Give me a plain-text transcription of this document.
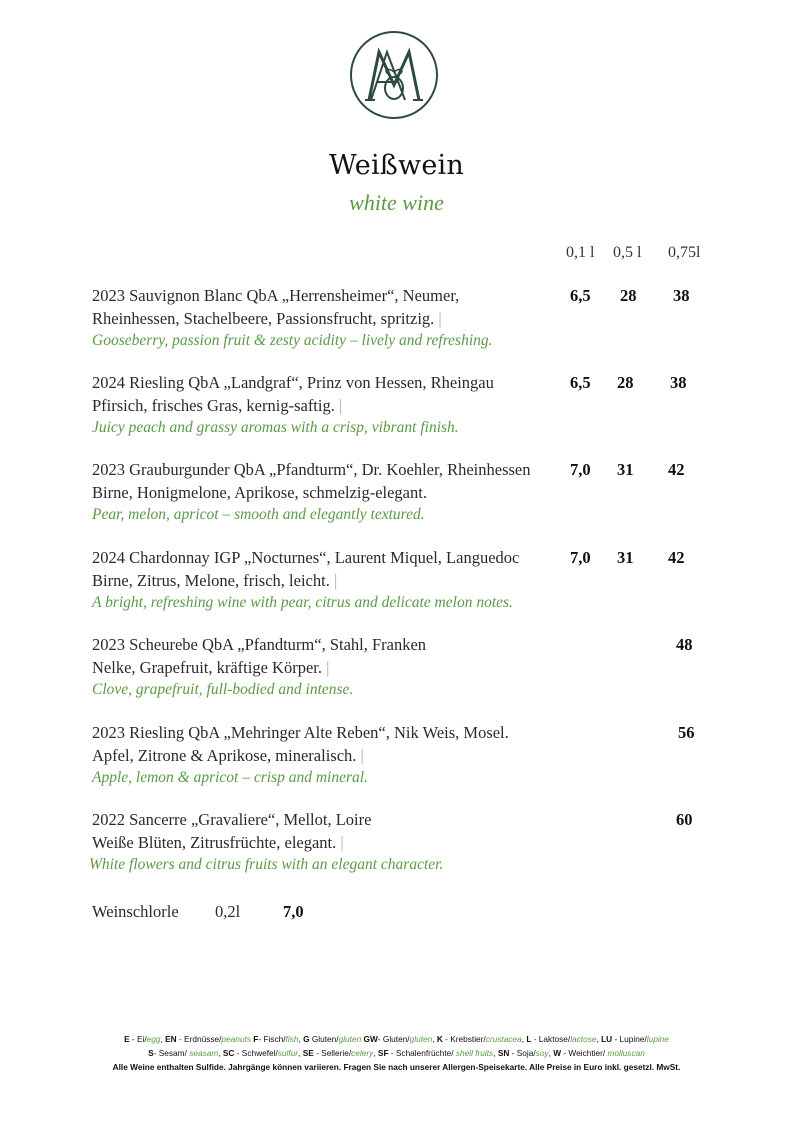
Weißwein
white wine
0,1 l 0,5 l 0,75l
2023 Sauvignon Blanc QbA „Herrensheimer“, Neumer,
Rheinhessen, Stachelbeere, Passionsfrucht, spritzig. |
Gooseberry, passion fruit & zesty acidity – lively and refreshing.
6,5 28 38
2024 Riesling QbA „Landgraf“, Prinz von Hessen, Rheingau
Pfirsich, frisches Gras, kernig-saftig. |
Juicy peach and grassy aromas with a crisp, vibrant finish.
6,5 28 38
2023 Grauburgunder QbA „Pfandturm“, Dr. Koehler, Rheinhessen
Birne, Honigmelone, Aprikose, schmelzig-elegant.
Pear, melon, apricot – smooth and elegantly textured.
7,0 31 42
2024 Chardonnay IGP „Nocturnes“, Laurent Miquel, Languedoc
Birne, Zitrus, Melone, frisch, leicht. |
A bright, refreshing wine with pear, citrus and delicate melon notes.
7,0 31 42
2023 Scheurebe QbA „Pfandturm“, Stahl, Franken
Nelke, Grapefruit, kräftige Körper. |
Clove, grapefruit, full-bodied and intense.
48
2023 Riesling QbA „Mehringer Alte Reben“, Nik Weis, Mosel.
Apfel, Zitrone & Aprikose, mineralisch. |
Apple, lemon & apricot – crisp and mineral.
56
2022 Sancerre „Gravaliere“, Mellot, Loire
Weiße Blüten, Zitrusfrüchte, elegant. |
White flowers and citrus fruits with an elegant character.
60
Weinschlorle 0,2l	7,0
E - Ei/egg, EN - Erdnüsse/peanuts F- Fisch/fish, G Gluten/gluten GW- Gluten/gluten, K - Krebstier/crustacea, L - Laktose/lactose, LU - Lupine/lupine
S- Sesam/ seasam, SC - Schwefel/sulfur, SE - Sellerie/celery, SF - Schalenfrüchte/ shell fruits, SN - Soja/soy, W - Weichtier/ molluscan
Alle Weine enthalten Sulfide. Jahrgänge können variieren. Fragen Sie nach unserer Allergen-Speisekarte. Alle Preise in Euro inkl. gesetzl. MwSt.
